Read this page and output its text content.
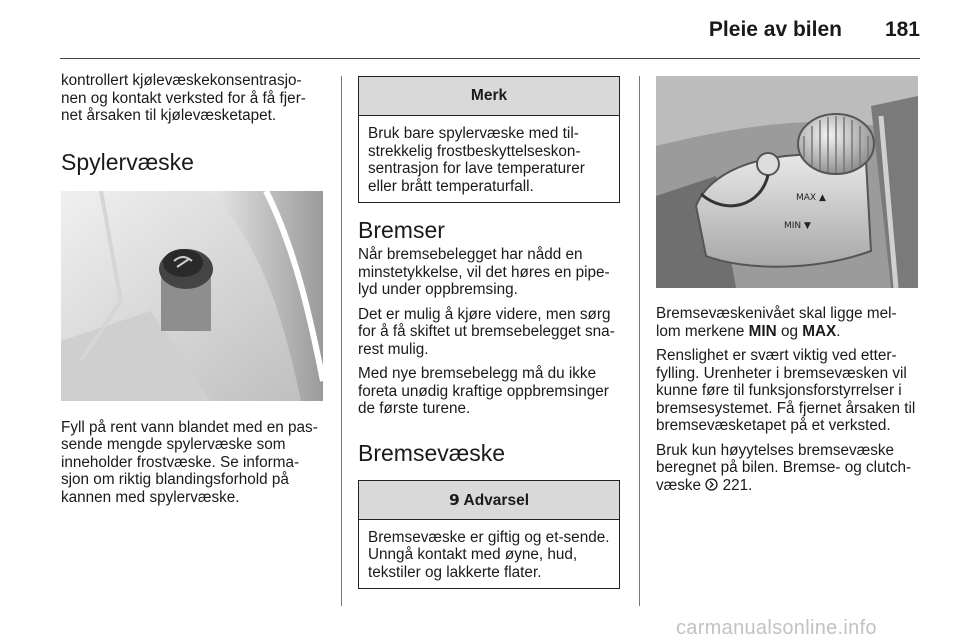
Pleie av bilen 181

kontrollert kjølevæskekonsentrasjo-nen og kontakt verksted for å få fjer-net årsaken til kjølevæsketapet.

Spylervæske

Fyll på rent vann blandet med en pas-sende mengde spylervæske som inneholder frostvæske. Se informa-sjon om riktig blandingsforhold på kannen med spylervæske.

Merk
Bruk bare spylervæske med til-strekkelig frostbeskyttelseskon-sentrasjon for lave temperaturer eller brått temperaturfall.
Bremser

Når bremsebelegget har nådd en minstetykkelse, vil det høres en pipe-lyd under oppbremsing.

Det er mulig å kjøre videre, men sørg for å få skiftet ut bremsebelegget sna-rest mulig.

Med nye bremsebelegg må du ikke foreta unødig kraftige oppbremsinger de første turene.

Bremsevæske
9 Advarsel
Bremsevæske er giftig og et-sende. Unngå kontakt med øyne, hud, tekstiler og lakkerte flater.
MAX ▲
MIN ▼

Bremsevæskenivået skal ligge mel-lom merkene MIN og MAX.

Renslighet er svært viktig ved etter-fylling. Urenheter i bremsevæsken vil kunne føre til funksjonsforstyrrelser i bremsesystemet. Få fjernet årsaken til bremsevæsketapet på et verksted.

Bruk kun høyytelses bremsevæske beregnet på bilen. Bremse- og clutch-væske  221.

carmanualsonline.info
